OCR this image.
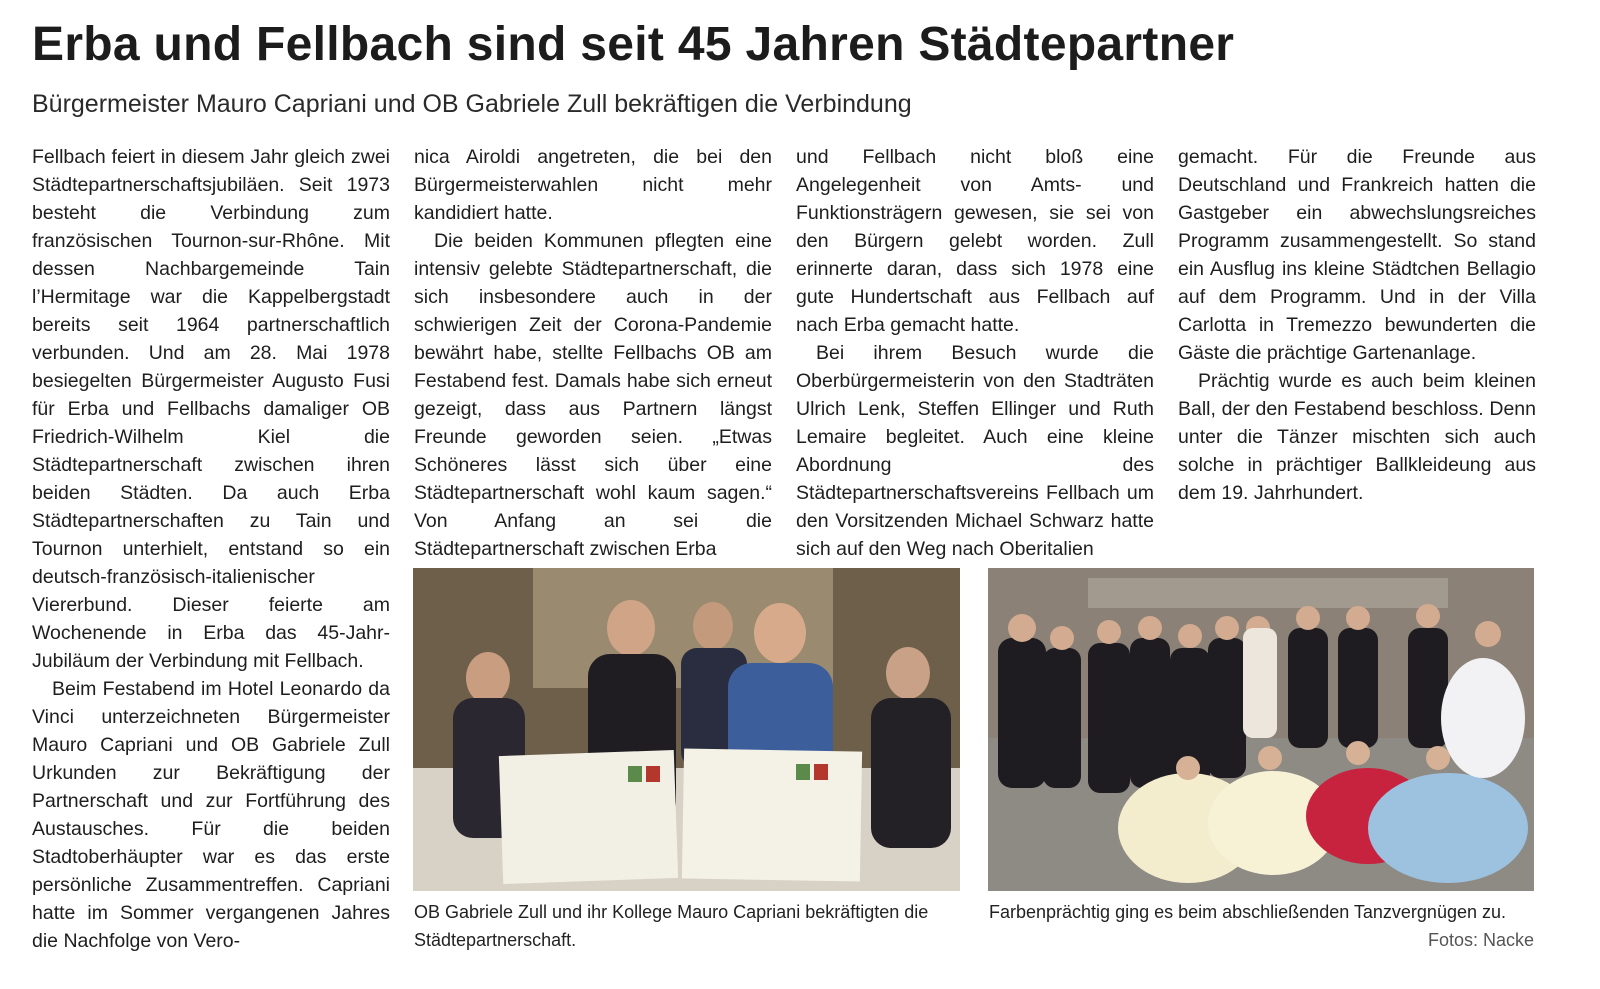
Erba und Fellbach sind seit 45 Jahren Städtepartner
Bürgermeister Mauro Capriani und OB Gabriele Zull bekräftigen die Verbindung

Fellbach feiert in diesem Jahr gleich zwei Städtepartnerschaftsjubiläen. Seit 1973 besteht die Verbindung zum französischen Tournon-sur-Rhône. Mit dessen Nachbargemeinde Tain l’Hermitage war die Kappelbergstadt bereits seit 1964 partnerschaftlich verbunden. Und am 28. Mai 1978 besiegelten Bürgermeister Augusto Fusi für Erba und Fellbachs damaliger OB Friedrich-Wilhelm Kiel die Städtepartnerschaft zwischen ihren beiden Städten. Da auch Erba Städtepartnerschaften zu Tain und Tournon unterhielt, entstand so ein deutsch-französisch-italienischer Viererbund. Dieser feierte am Wochenende in Erba das 45-Jahr-Jubiläum der Verbindung mit Fellbach.

Beim Festabend im Hotel Leonardo da Vinci unterzeichneten Bürgermeister Mauro Capriani und OB Gabriele Zull Urkunden zur Bekräftigung der Partnerschaft und zur Fortführung des Austausches. Für die beiden Stadtoberhäupter war es das erste persönliche Zusammentreffen. Capriani hatte im Sommer vergangenen Jahres die Nachfolge von Vero-

nica Airoldi angetreten, die bei den Bürgermeisterwahlen nicht mehr kandidiert hatte.

Die beiden Kommunen pflegten eine intensiv gelebte Städtepartnerschaft, die sich insbesondere auch in der schwierigen Zeit der Corona-Pandemie bewährt habe, stellte Fellbachs OB am Festabend fest. Damals habe sich erneut gezeigt, dass aus Partnern längst Freunde geworden seien. „Etwas Schöneres lässt sich über eine Städtepartnerschaft wohl kaum sagen.“ Von Anfang an sei die Städtepartnerschaft zwischen Erba

und Fellbach nicht bloß eine Angelegenheit von Amts- und Funktionsträgern gewesen, sie sei von den Bürgern gelebt worden. Zull erinnerte daran, dass sich 1978 eine gute Hundertschaft aus Fellbach auf nach Erba gemacht hatte.

Bei ihrem Besuch wurde die Oberbürgermeisterin von den Stadträten Ulrich Lenk, Steffen Ellinger und Ruth Lemaire begleitet. Auch eine kleine Abordnung des Städtepartnerschaftsvereins Fellbach um den Vorsitzenden Michael Schwarz hatte sich auf den Weg nach Oberitalien

gemacht. Für die Freunde aus Deutschland und Frankreich hatten die Gastgeber ein abwechslungsreiches Programm zusammengestellt. So stand ein Ausflug ins kleine Städtchen Bellagio auf dem Programm. Und in der Villa Carlotta in Tremezzo bewunderten die Gäste die prächtige Gartenanlage.

Prächtig wurde es auch beim kleinen Ball, der den Festabend beschloss. Denn unter die Tänzer mischten sich auch solche in prächtiger Ballkleideung aus dem 19. Jahrhundert.

OB Gabriele Zull und ihr Kollege Mauro Capriani bekräftigten die Städtepartnerschaft.
Farbenprächtig ging es beim abschließenden Tanzvergnügen zu.
Fotos: Nacke
